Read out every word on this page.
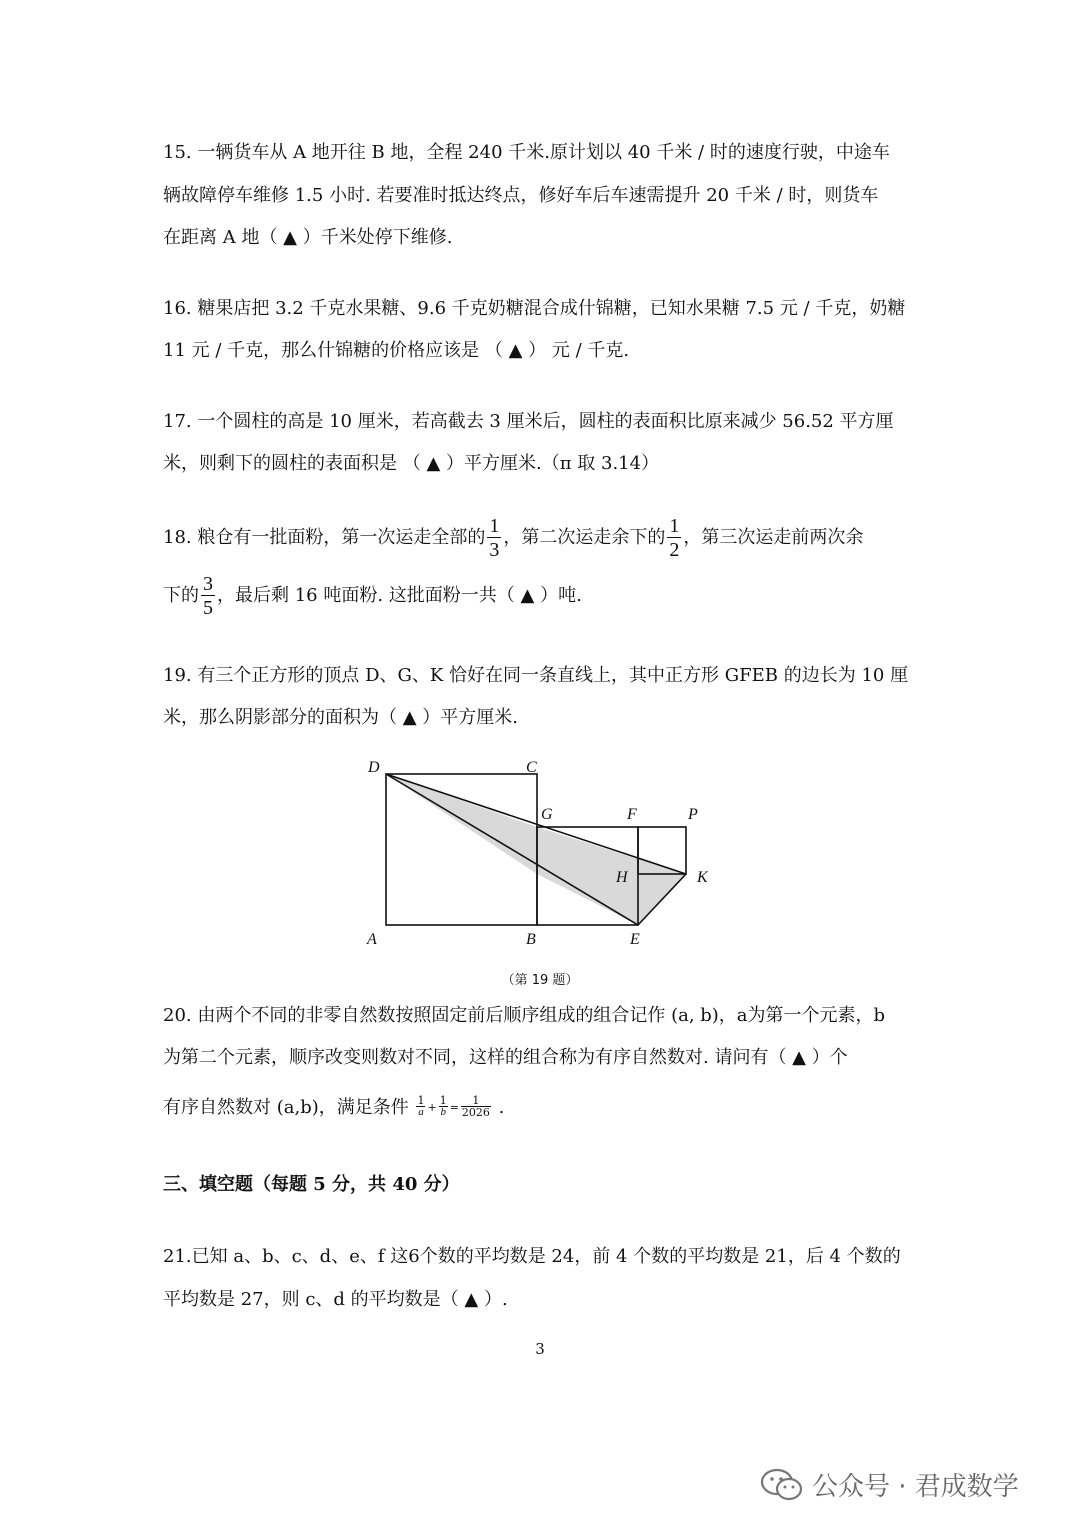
15. 一辆货车从 A 地开往 B 地，全程 240 千米.原计划以 40 千米 / 时的速度行驶，中途车
辆故障停车维修 1.5 小时. 若要准时抵达终点，修好车后车速需提升 20 千米 / 时，则货车
在距离 A 地（ ▲ ）千米处停下维修.
16. 糖果店把 3.2 千克水果糖、9.6 千克奶糖混合成什锦糖，已知水果糖 7.5 元 / 千克，奶糖
11 元 / 千克，那么什锦糖的价格应该是 （ ▲ ） 元 / 千克.
17. 一个圆柱的高是 10 厘米，若高截去 3 厘米后，圆柱的表面积比原来减少 56.52 平方厘
米，则剩下的圆柱的表面积是 （ ▲ ）平方厘米.（π 取 3.14）
18. 粮仓有一批面粉，第一次运走全部的 $\frac{1}{3}$ ，第二次运走余下的 $\frac{1}{2}$ ，第三次运走前两次余
下的 $\frac{3}{5}$ ，最后剩 16 吨面粉. 这批面粉一共（ ▲ ）吨.
19. 有三个正方形的顶点 D、G、K 恰好在同一条直线上，其中正方形 GFEB 的边长为 10 厘
米，那么阴影部分的面积为（ ▲ ）平方厘米.
D	C
G	F	P
H	K
A	B	E
（第 19 题）
20. 由两个不同的非零自然数按照固定前后顺序组成的组合记作 (a, b)，a为第一个元素，b
为第二个元素，顺序改变则数对不同，这样的组合称为有序自然数对. 请问有（ ▲ ）个
有序自然数对 (a,b)，满足条件 $\frac{1}{a} + \frac{1}{b} = \frac{1}{2026}$ .
三、填空题（每题 5 分，共 40 分）
21.已知 a、b、c、d、e、f 这6个数的平均数是 24，前 4 个数的平均数是 21，后 4 个数的
平均数是 27，则 c、d 的平均数是（ ▲ ）.
3
公众号 · 君成数学
